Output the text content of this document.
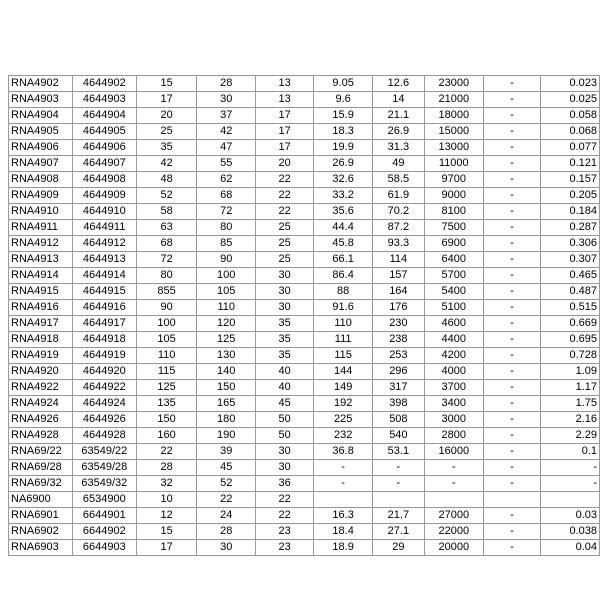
RNA4902	4644902	15	28	13	9.05	12.6	23000	-	0.023
RNA4903	4644903	17	30	13	9.6	14	21000	-	0.025
RNA4904	4644904	20	37	17	15.9	21.1	18000	-	0.058
RNA4905	4644905	25	42	17	18.3	26.9	15000	-	0.068
RNA4906	4644906	35	47	17	19.9	31.3	13000	-	0.077
RNA4907	4644907	42	55	20	26.9	49	11000	-	0.121
RNA4908	4644908	48	62	22	32.6	58.5	9700	-	0.157
RNA4909	4644909	52	68	22	33.2	61.9	9000	-	0.205
RNA4910	4644910	58	72	22	35.6	70.2	8100	-	0.184
RNA4911	4644911	63	80	25	44.4	87.2	7500	-	0.287
RNA4912	4644912	68	85	25	45.8	93.3	6900	-	0.306
RNA4913	4644913	72	90	25	66.1	114	6400	-	0.307
RNA4914	4644914	80	100	30	86.4	157	5700	-	0.465
RNA4915	4644915	855	105	30	88	164	5400	-	0.487
RNA4916	4644916	90	110	30	91.6	176	5100	-	0.515
RNA4917	4644917	100	120	35	110	230	4600	-	0.669
RNA4918	4644918	105	125	35	111	238	4400	-	0.695
RNA4919	4644919	110	130	35	115	253	4200	-	0.728
RNA4920	4644920	115	140	40	144	296	4000	-	1.09
RNA4922	4644922	125	150	40	149	317	3700	-	1.17
RNA4924	4644924	135	165	45	192	398	3400	-	1.75
RNA4926	4644926	150	180	50	225	508	3000	-	2.16
RNA4928	4644928	160	190	50	232	540	2800	-	2.29
RNA69/22	63549/22	22	39	30	36.8	53.1	16000	-	0.1
RNA69/28	63549/28	28	45	30	-	-	-	-	-
RNA69/32	63549/32	32	52	36	-	-	-	-	-
NA6900	6534900	10	22	22					
RNA6901	6644901	12	24	22	16.3	21.7	27000	-	0.03
RNA6902	6644902	15	28	23	18.4	27.1	22000	-	0.038
RNA6903	6644903	17	30	23	18.9	29	20000	-	0.04
